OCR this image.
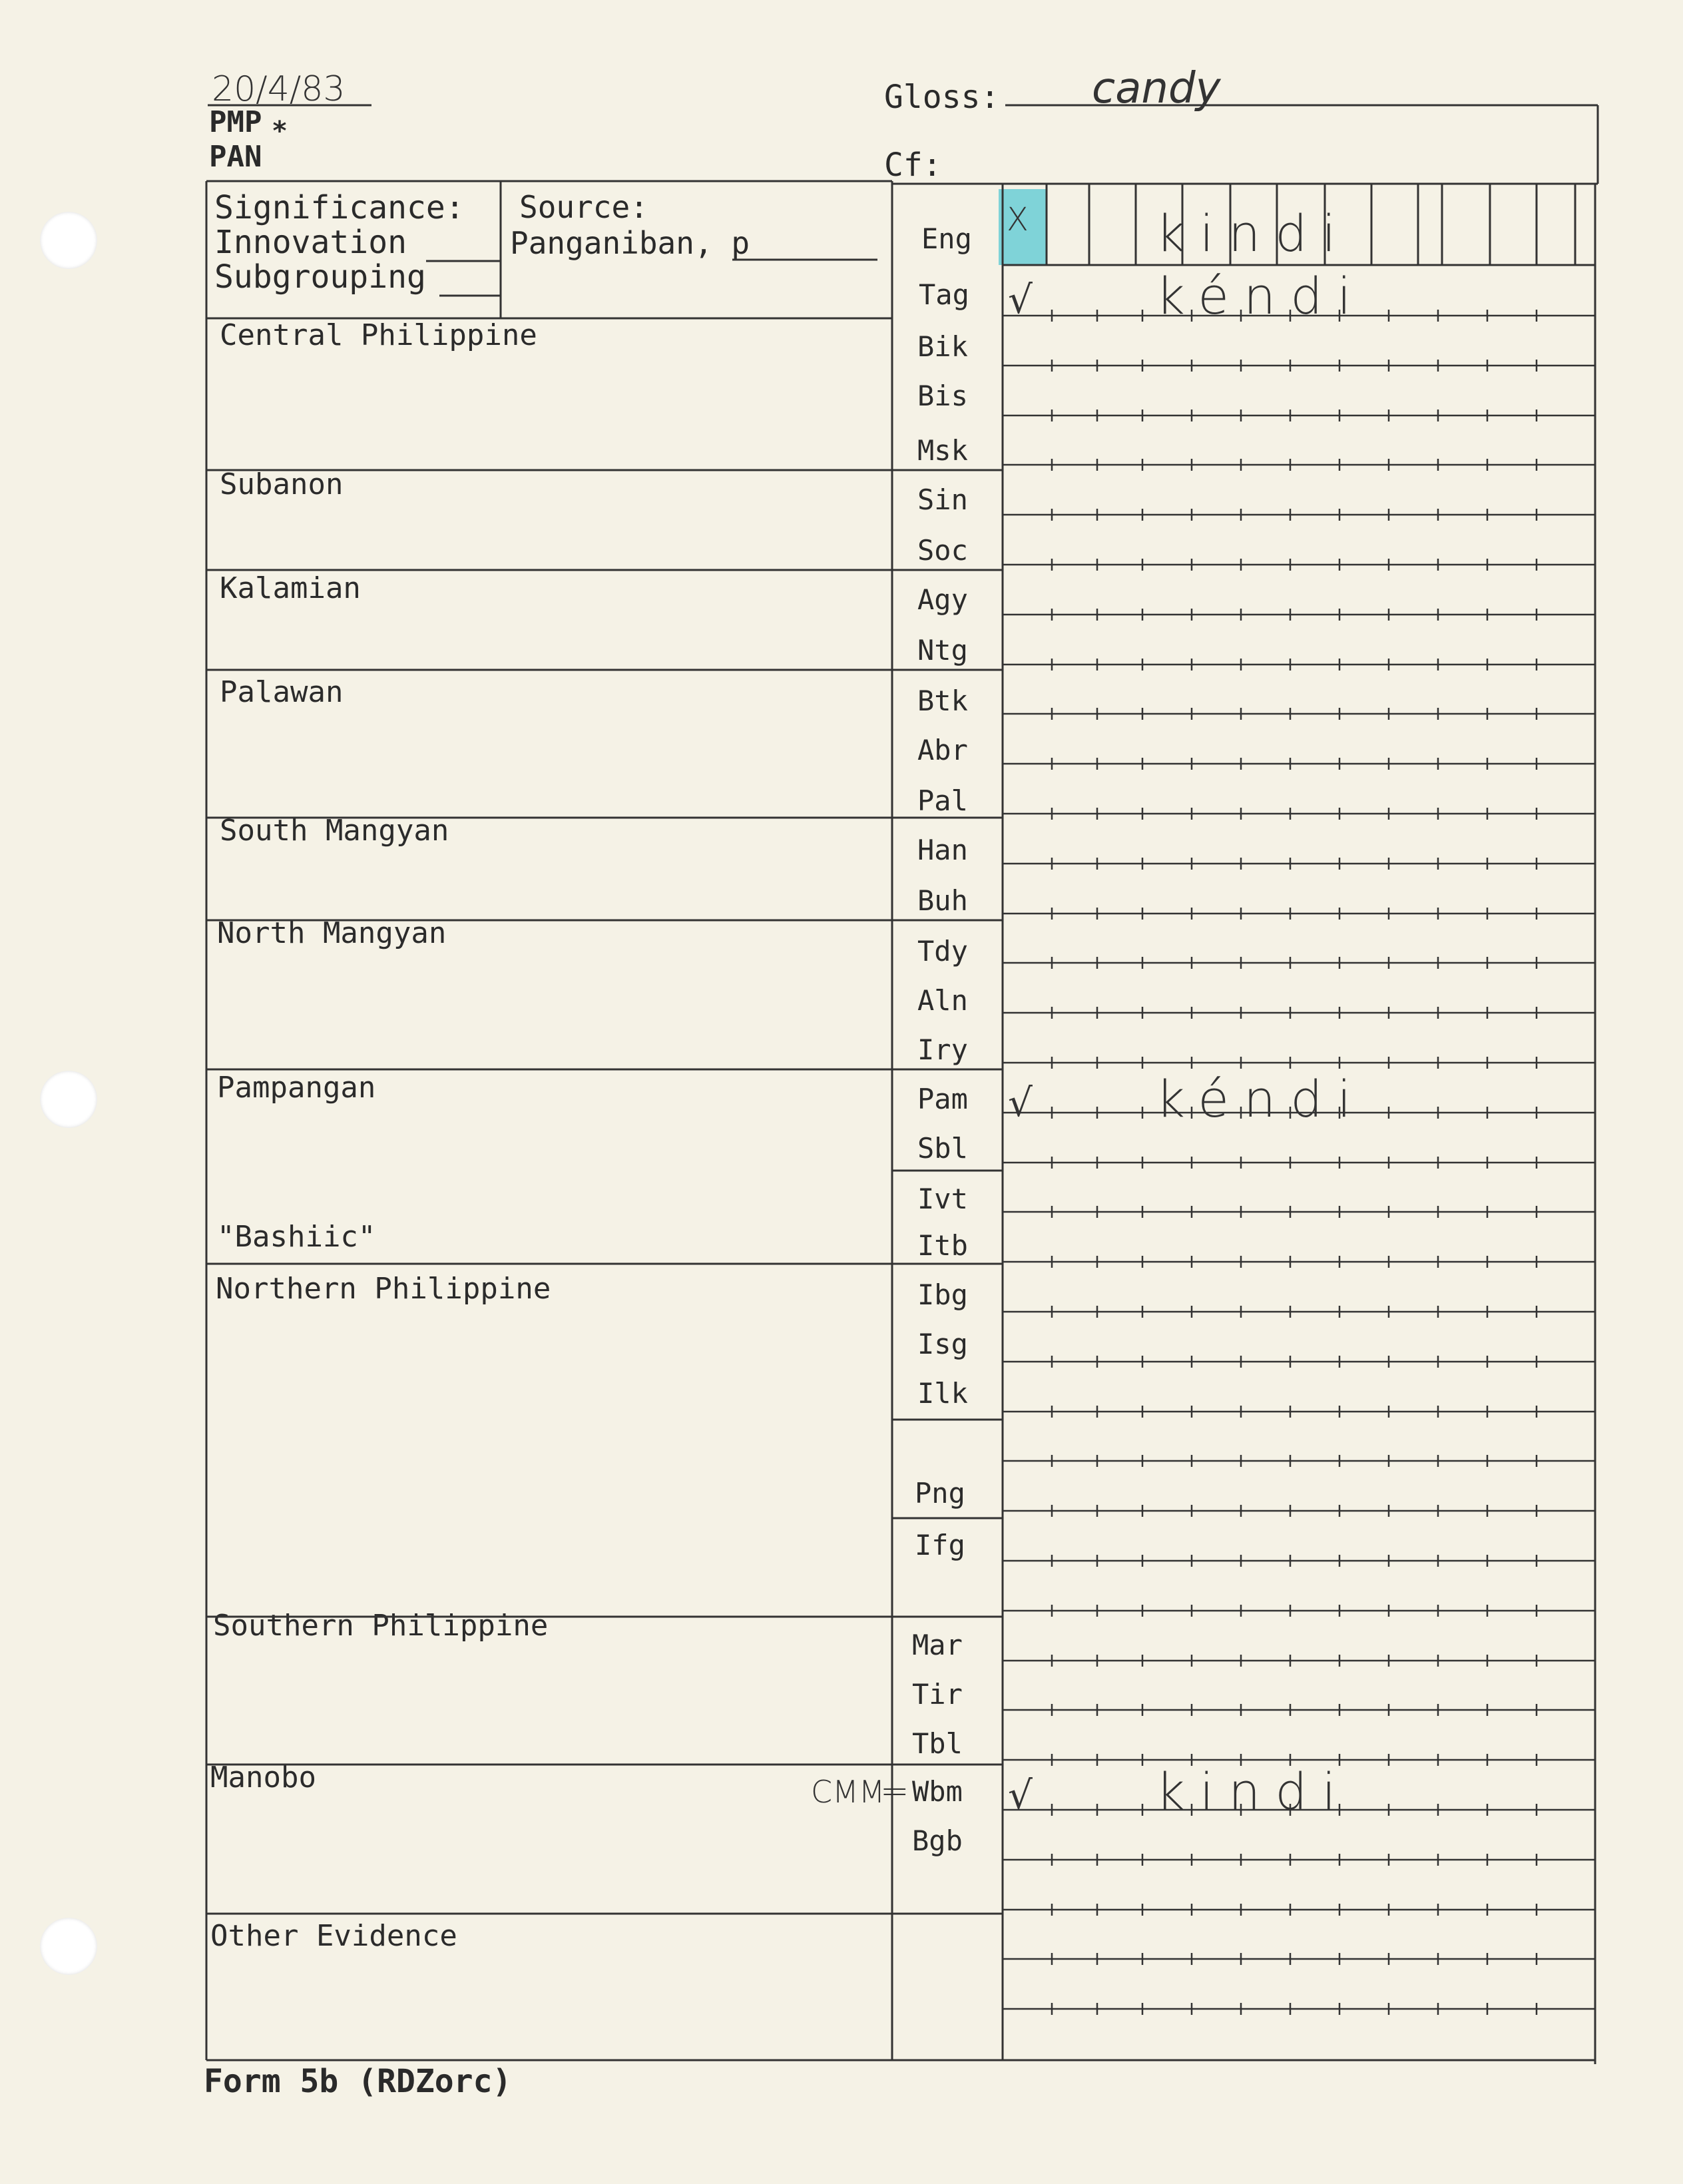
20/4/83
PMP *
PAN
Gloss: candy
Cf:
Significance:
Innovation
Subgrouping
Source:
Panganiban, p
Central Philippine
Subanon
Kalamian
Palawan
South Mangyan
North Mangyan
Pampangan
"Bashiic"
Northern Philippine
Southern Philippine
Manobo
Other Evidence
Eng
Tag
Bik
Bis
Msk
Sin
Soc
Agy
Ntg
Btk
Abr
Pal
Han
Buh
Tdy
Aln
Iry
Pam
Sbl
Ivt
Itb
Ibg
Isg
Ilk
Png
Ifg
Mar
Tir
Tbl
Wbm
Bgb
CMM
=
X	kindi
√ kéndi
√ kéndi
√ kindi
Form 5b (RDZorc)
